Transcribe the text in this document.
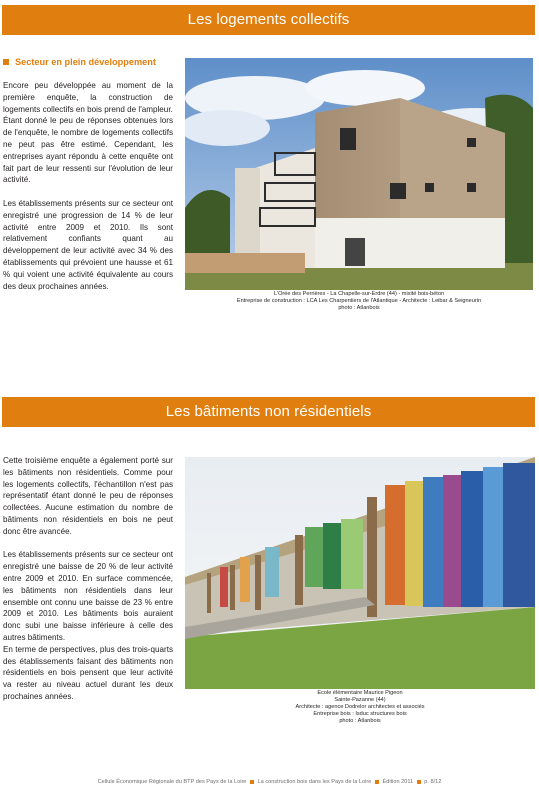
Les logements collectifs
Secteur en plein développement

Encore peu développée au moment de la première enquête, la construction de logements collectifs en bois prend de l'ampleur.

Étant donné le peu de réponses obtenues lors de l'enquête, le nombre de logements collectifs ne peut pas être estimé. Cependant, les entreprises ayant répondu à cette enquête ont fait part de leur ressenti sur l'évolution de leur activité.

Les établissements présents sur ce secteur ont enregistré une progression de 14 % de leur activité entre 2009 et 2010. Ils sont relativement confiants quant au développement de leur activité avec 34 % des établissements qui prévoient une hausse et 61 % qui voient une activité équivalente au cours des deux prochaines années.

L'Orée des Perrières - La Chapelle-sur-Erdre (44) - mixité bois-béton
Entreprise de construction : LCA Les Charpentiers de l'Atlantique - Architecte : Leibar & Seigneurin
photo : Atlanbois
Les bâtiments non résidentiels

Cette troisième enquête a également porté sur les bâtiments non résidentiels. Comme pour les logements collectifs, l'échantillon n'est pas représentatif étant donné le peu de réponses collectées. Aucune estimation du nombre de bâtiments non résidentiels en bois ne peut donc être avancée.

Les établissements présents sur ce secteur ont enregistré une baisse de 20 % de leur activité entre 2009 et 2010. En surface commencée, les bâtiments non résidentiels dans leur ensemble ont connu une baisse de 23 % entre 2009 et 2010. Les bâtiments bois auraient donc subi une baisse inférieure à celle des autres bâtiments.

En terme de perspectives, plus des trois-quarts des établissements faisant des bâtiments non résidentiels en bois pensent que leur activité va rester au niveau actuel durant les deux prochaines années.	Ecole élémentaire Maurice Pigeon
Sainte-Pazanne (44)
Architecte : agence Dodrelor architectes et associés
Entreprise bois : Isduc structures bois
photo : Atlanbois
Cellule Économique Régionale du BTP des Pays de la Loire La construction bois dans les Pays de la Loire Édition 2011 p. 8/12
